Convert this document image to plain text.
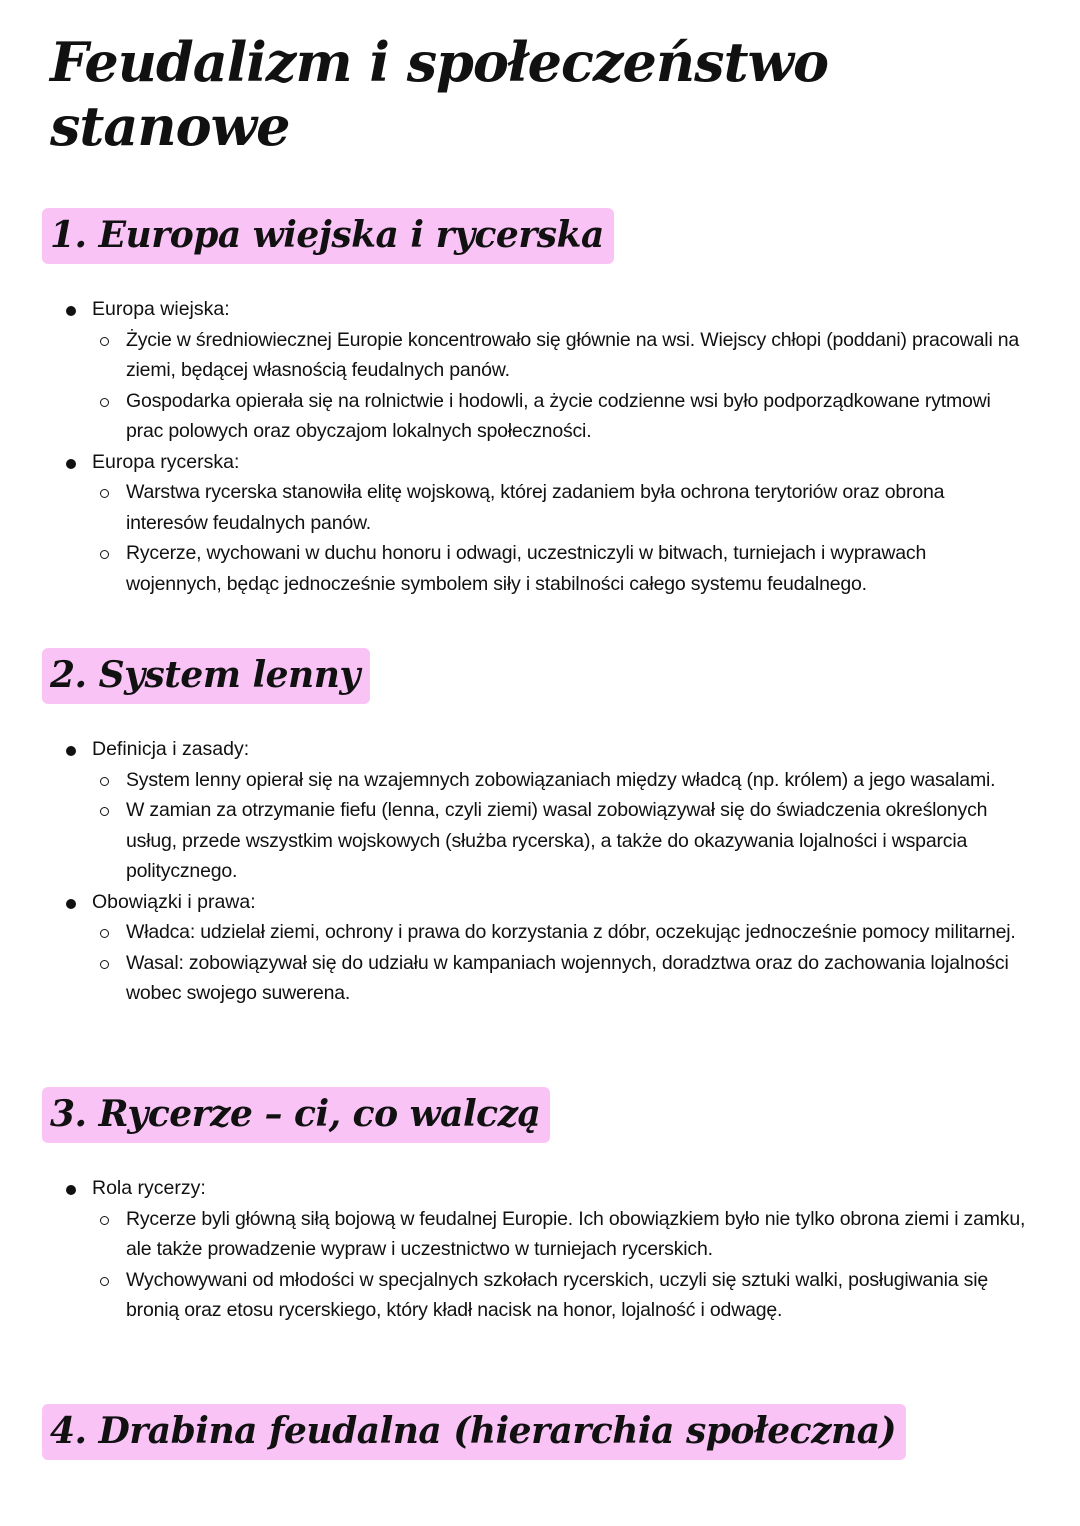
Feudalizm i społeczeństwo stanowe
1. Europa wiejska i rycerska
Europa wiejska:
Życie w średniowiecznej Europie koncentrowało się głównie na wsi. Wiejscy chłopi (poddani) pracowali na ziemi, będącej własnością feudalnych panów.
Gospodarka opierała się na rolnictwie i hodowli, a życie codzienne wsi było podporządkowane rytmowi prac polowych oraz obyczajom lokalnych społeczności.
Europa rycerska:
Warstwa rycerska stanowiła elitę wojskową, której zadaniem była ochrona terytoriów oraz obrona interesów feudalnych panów.
Rycerze, wychowani w duchu honoru i odwagi, uczestniczyli w bitwach, turniejach i wyprawach wojennych, będąc jednocześnie symbolem siły i stabilności całego systemu feudalnego.
2. System lenny
Definicja i zasady:
System lenny opierał się na wzajemnych zobowiązaniach między władcą (np. królem) a jego wasalami.
W zamian za otrzymanie fiefu (lenna, czyli ziemi) wasal zobowiązywał się do świadczenia określonych usług, przede wszystkim wojskowych (służba rycerska), a także do okazywania lojalności i wsparcia politycznego.
Obowiązki i prawa:
Władca: udzielał ziemi, ochrony i prawa do korzystania z dóbr, oczekując jednocześnie pomocy militarnej.
Wasal: zobowiązywał się do udziału w kampaniach wojennych, doradztwa oraz do zachowania lojalności wobec swojego suwerena.
3. Rycerze – ci, co walczą
Rola rycerzy:
Rycerze byli główną siłą bojową w feudalnej Europie. Ich obowiązkiem było nie tylko obrona ziemi i zamku, ale także prowadzenie wypraw i uczestnictwo w turniejach rycerskich.
Wychowywani od młodości w specjalnych szkołach rycerskich, uczyli się sztuki walki, posługiwania się bronią oraz etosu rycerskiego, który kładł nacisk na honor, lojalność i odwagę.
4. Drabina feudalna (hierarchia społeczna)
